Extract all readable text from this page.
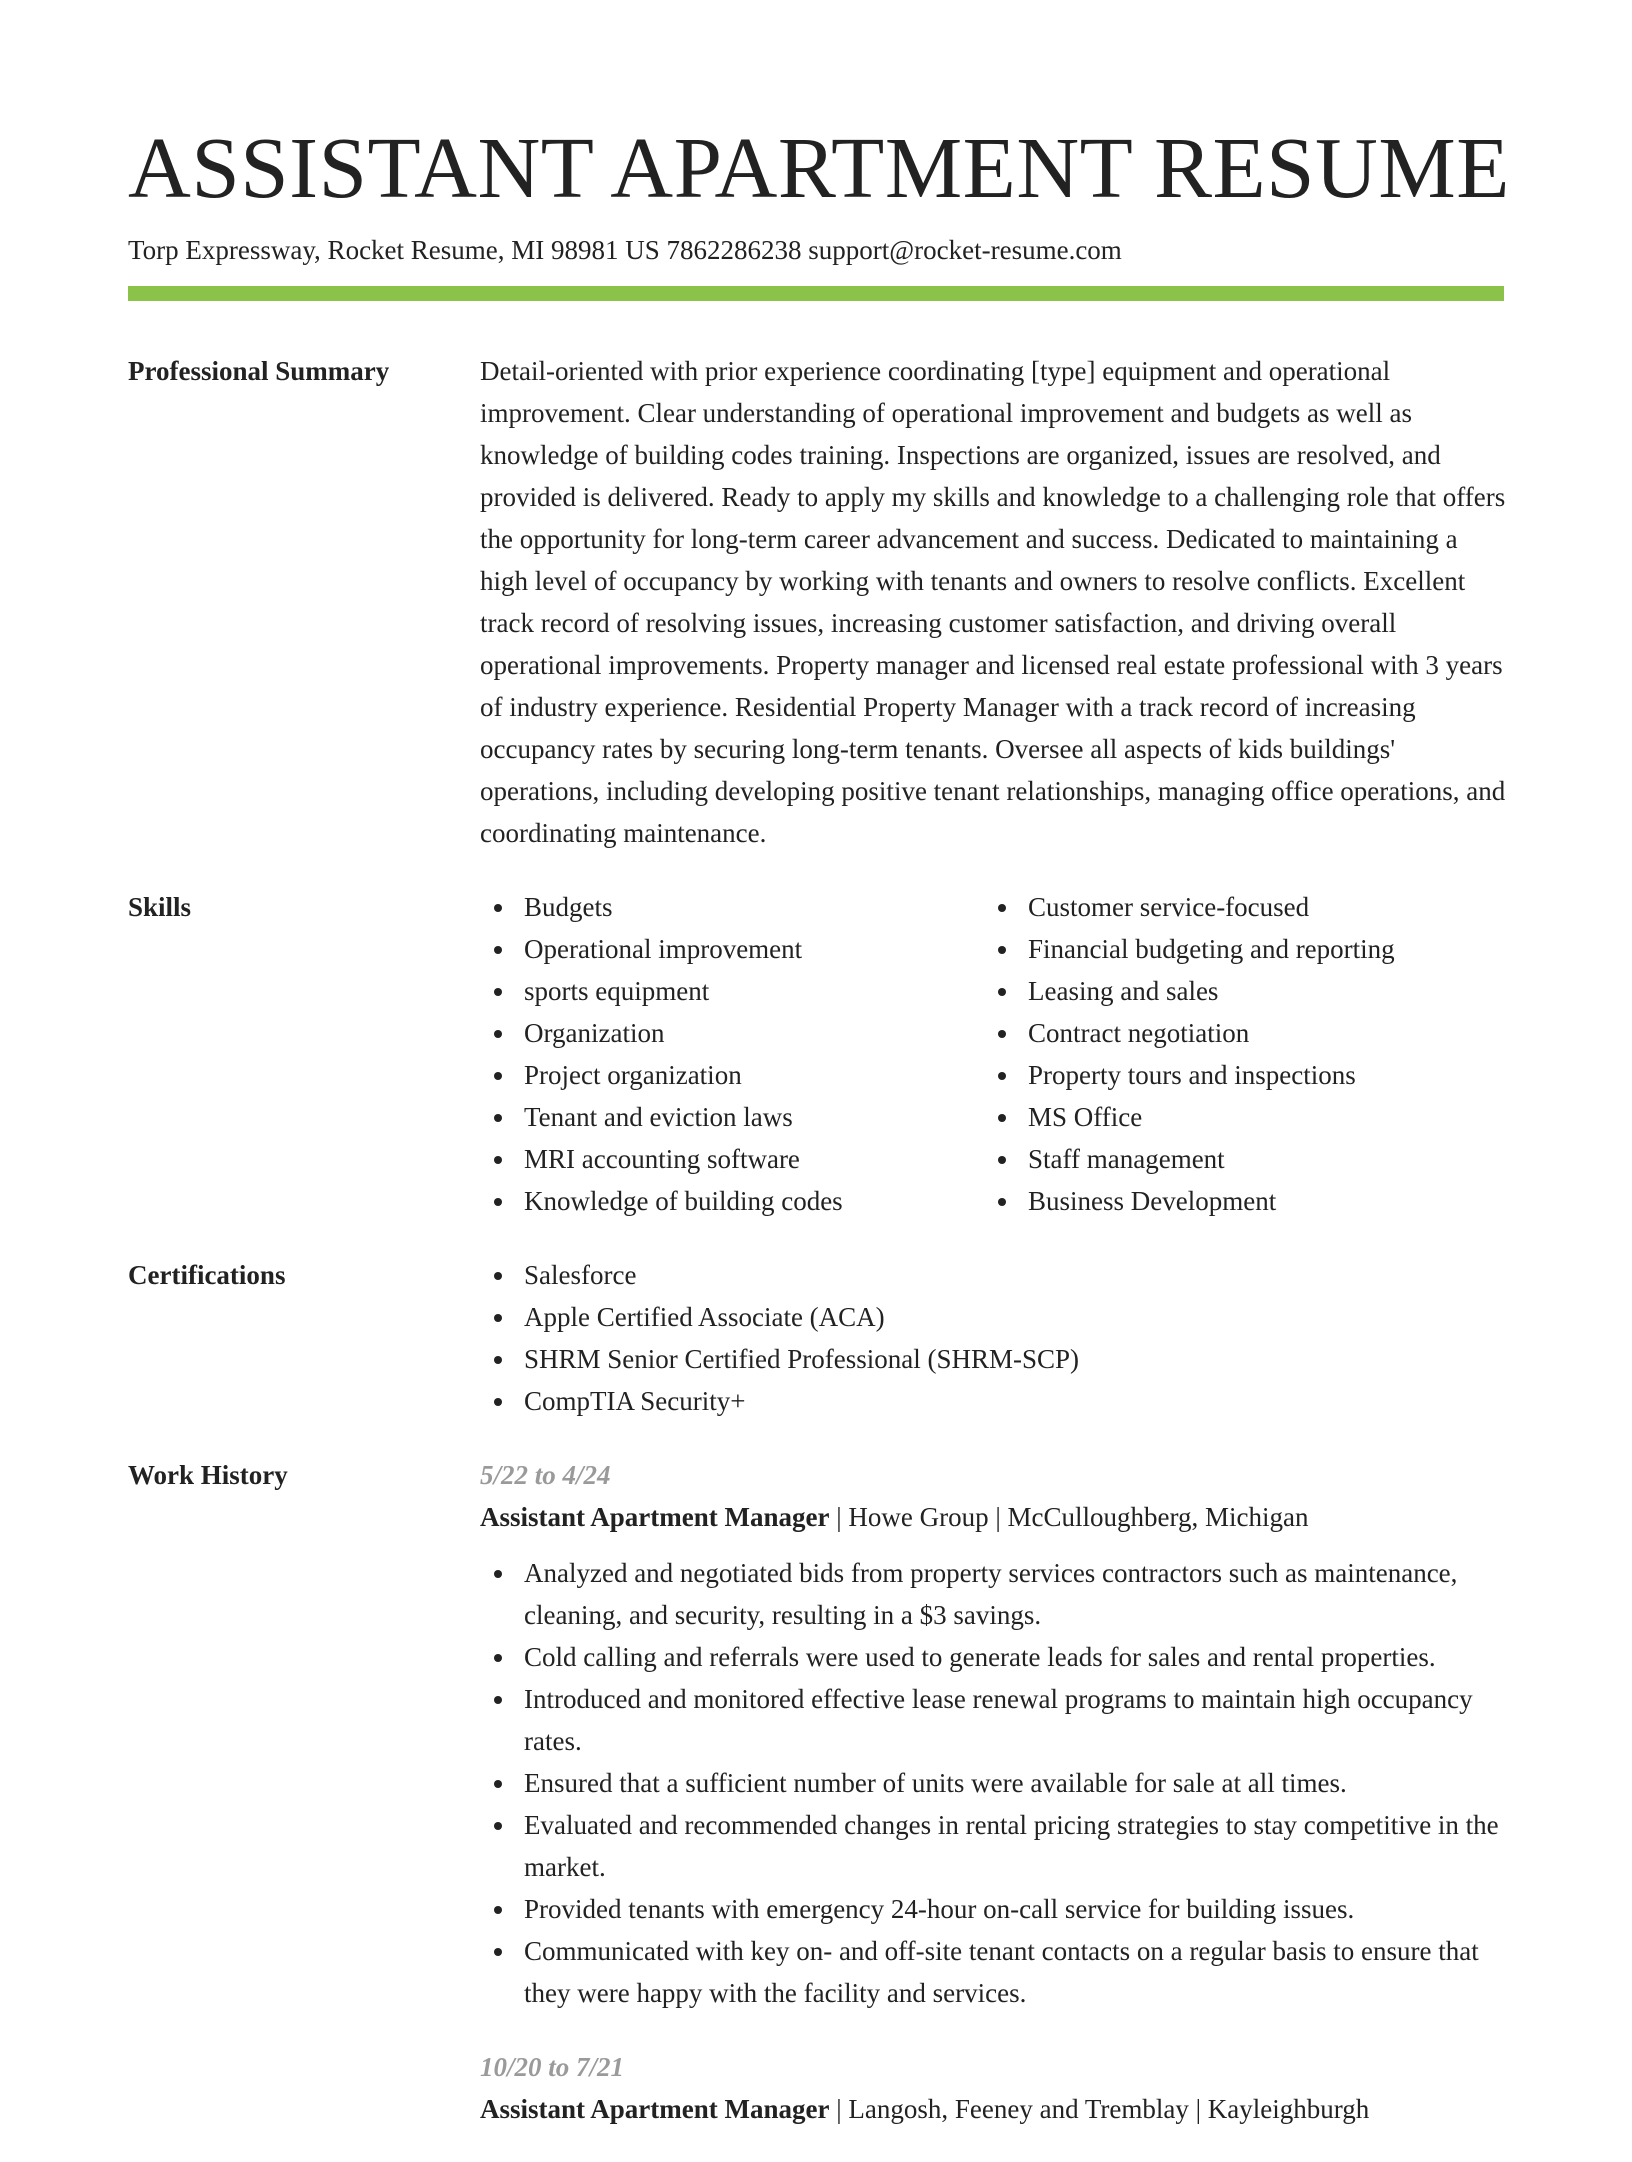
ASSISTANT APARTMENT RESUME
Torp Expressway, Rocket Resume, MI 98981 US 7862286238 support@rocket-resume.com
Professional Summary	Detail-oriented with prior experience coordinating [type] equipment and operational improvement. Clear understanding of operational improvement and budgets as well as knowledge of building codes training. Inspections are organized, issues are resolved, and provided is delivered. Ready to apply my skills and knowledge to a challenging role that offers the opportunity for long-term career advancement and success. Dedicated to maintaining a high level of occupancy by working with tenants and owners to resolve conflicts. Excellent track record of resolving issues, increasing customer satisfaction, and driving overall operational improvements. Property manager and licensed real estate professional with 3 years of industry experience. Residential Property Manager with a track record of increasing occupancy rates by securing long-term tenants. Oversee all aspects of kids buildings' operations, including developing positive tenant relationships, managing office operations, and coordinating maintenance.

Skills	Budgets
Operational improvement
sports equipment
Organization
Project organization
Tenant and eviction laws
MRI accounting software
Knowledge of building codes
Customer service-focused
Financial budgeting and reporting
Leasing and sales
Contract negotiation
Property tours and inspections
MS Office
Staff management
Business Development
Certifications	Salesforce
Apple Certified Associate (ACA)
SHRM Senior Certified Professional (SHRM-SCP)
CompTIA Security+
Work History	5/22 to 4/24
Assistant Apartment Manager | Howe Group | McCulloughberg, Michigan
Analyzed and negotiated bids from property services contractors such as maintenance, cleaning, and security, resulting in a $3 savings.
Cold calling and referrals were used to generate leads for sales and rental properties.
Introduced and monitored effective lease renewal programs to maintain high occupancy rates.
Ensured that a sufficient number of units were available for sale at all times.
Evaluated and recommended changes in rental pricing strategies to stay competitive in the market.
Provided tenants with emergency 24-hour on-call service for building issues.
Communicated with key on- and off-site tenant contacts on a regular basis to ensure that they were happy with the facility and services.
10/20 to 7/21
Assistant Apartment Manager | Langosh, Feeney and Tremblay | Kayleighburgh
